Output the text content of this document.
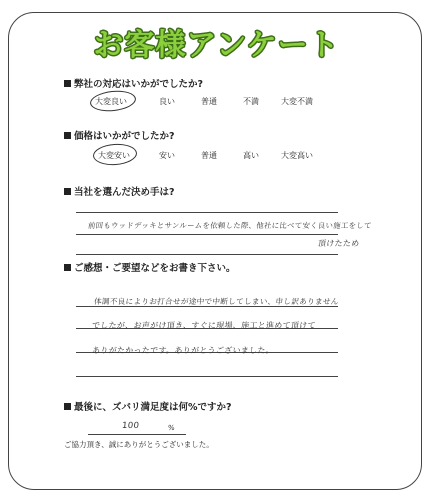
お客様アンケート
弊社の対応はいかがでしたか?
大変良い	良い	普通	不満	大変不満
価格はいかがでしたか?
大変安い	安い	普通	高い	大変高い
当社を選んだ決め手は?
前回もウッドデッキとサンルームを依頼した際、他社に比べて安く良い施工をして
頂けたため
ご感想・ご要望などをお書き下さい。
体調不良によりお打合せが途中で中断してしまい、申し訳ありません
でしたが、お声がけ頂き、すぐに現場、施工と進めて頂けて
ありがたかったです。ありがとうございました。
最後に、ズバリ満足度は何%ですか?
100	%
ご協力頂き、誠にありがとうございました。
